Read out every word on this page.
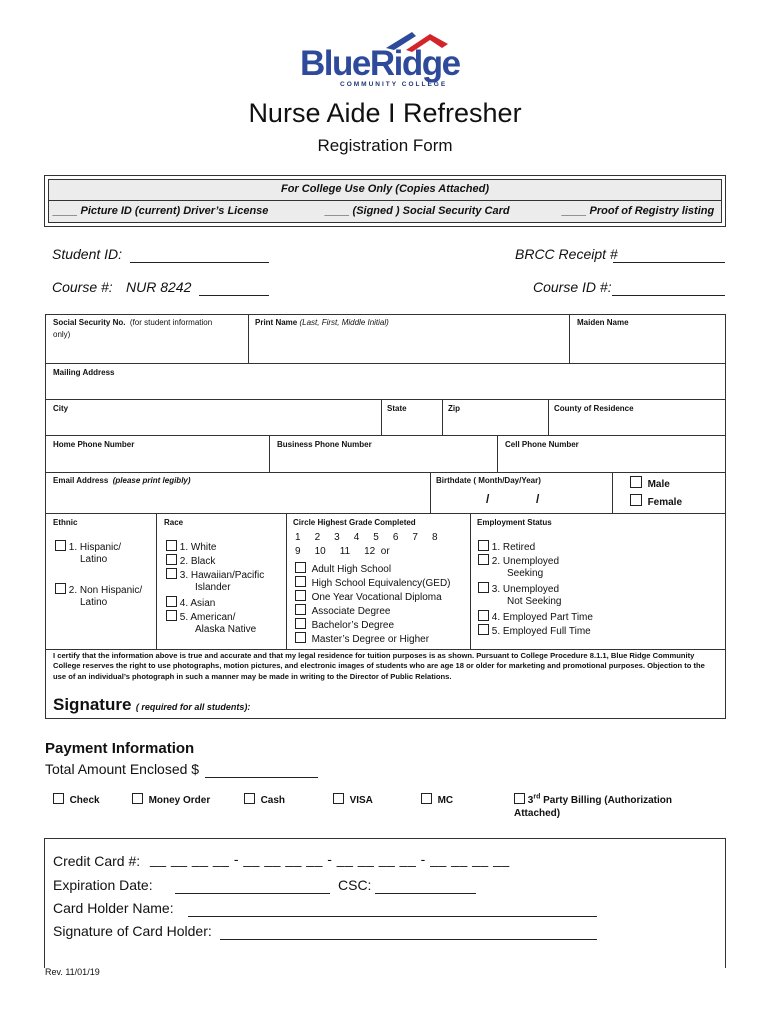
BlueRidge
COMMUNITY COLLEGE
Nurse Aide I Refresher
Registration Form
For College Use Only (Copies Attached)
____ Picture ID (current) Driver’s License	____ (Signed ) Social Security Card	____ Proof of Registry listing
Student ID:	BRCC Receipt #
Course #: NUR 8242	Course ID #:
Social Security No. (for student information
only)
Print Name (Last, First, Middle Initial)	Maiden Name
Mailing Address
City	State	Zip	County of Residence
Home Phone Number	Business Phone Number	Cell Phone Number
Email Address (please print legibly)	Birthdate ( Month/Day/Year)
/	/
Male
Female
Ethnic
1. Hispanic/
Latino
2. Non Hispanic/
Latino
Race
1. White
2. Black
3. Hawaiian/Pacific
Islander
4. Asian
5. American/
Alaska Native
Circle Highest Grade Completed
1 2 3 4 5 6 7 8
9 10 11 12 or
Adult High School
High School Equivalency(GED)
One Year Vocational Diploma
Associate Degree
Bachelor’s Degree
Master’s Degree or Higher
Employment Status
1. Retired
2. Unemployed
Seeking
3. Unemployed
Not Seeking
4. Employed Part Time
5. Employed Full Time
I certify that the information above is true and accurate and that my legal residence for tuition purposes is as shown. Pursuant to College Procedure 8.1.1, Blue Ridge Community College reserves the right to use photographs, motion pictures, and electronic images of students who are age 18 or older for marketing and promotional purposes. Objection to the use of an individual’s photograph in such a manner may be made in writing to the Director of Public Relations.
Signature ( required for all students):
Payment Information
Total Amount Enclosed $
Check	Money Order	Cash	VISA	MC	3rd Party Billing (Authorization
Attached)
Credit Card #: __ __ __ __ - __ __ __ __ - __ __ __ __ - __ __ __ __
Expiration Date:	CSC:
Card Holder Name:
Signature of Card Holder:
Rev. 11/01/19
